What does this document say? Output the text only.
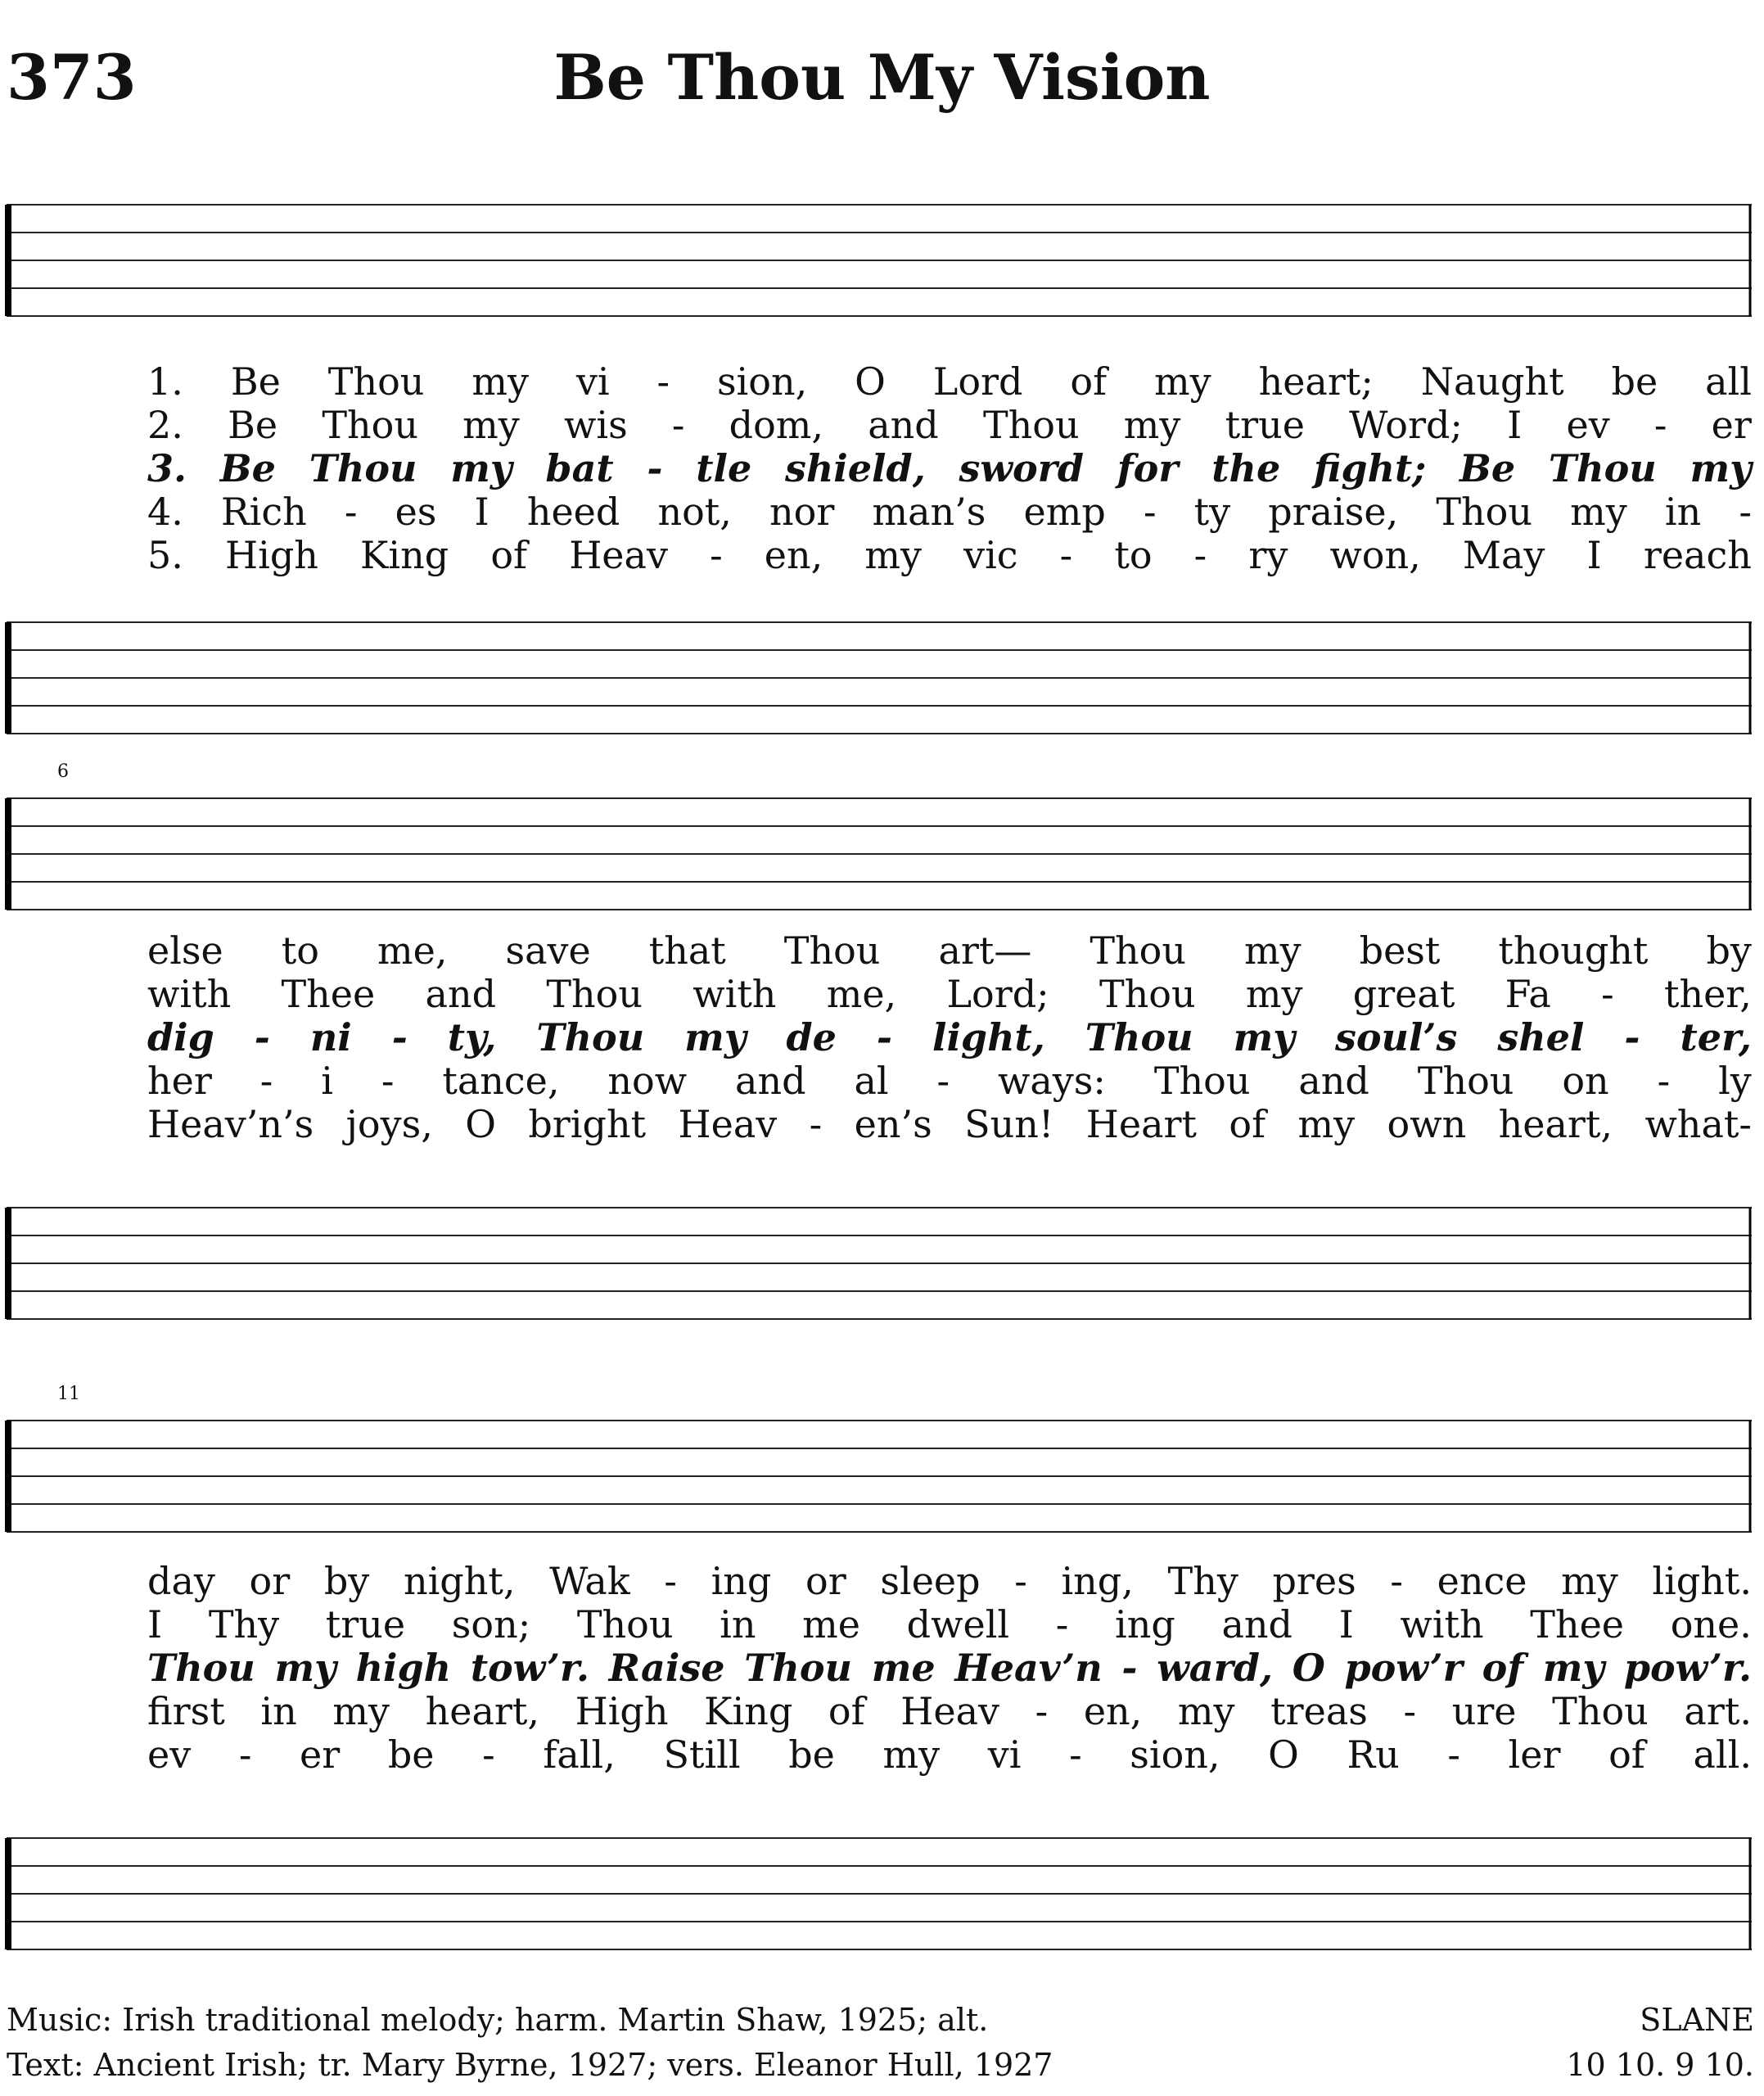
373	Be Thou My Vision
1. Be Thou my vi - sion, O Lord of my heart; Naught be all
2. Be Thou my wis - dom, and Thou my true Word; I ev - er
3. Be Thou my bat - tle shield, sword for the fight; Be Thou my
4. Rich - es I heed not, nor man’s emp - ty praise, Thou my in -
5. High King of Heav - en, my vic - to - ry won, May I reach
6
else to me, save that Thou art— Thou my best thought by
with Thee and Thou with me, Lord; Thou my great Fa - ther,
dig - ni - ty, Thou my de - light, Thou my soul’s shel - ter,
her - i - tance, now and al - ways: Thou and Thou on - ly
Heav’n’s joys, O bright Heav - en’s Sun! Heart of my own heart, what-
11
day or by night, Wak - ing or sleep - ing, Thy pres - ence my light.
I Thy true son; Thou in me dwell - ing and I with Thee one.
Thou my high tow’r. Raise Thou me Heav’n - ward, O pow’r of my pow’r.
first in my heart, High King of Heav - en, my treas - ure Thou art.
ev - er be - fall, Still be my vi - sion, O Ru - ler of all.
Music: Irish traditional melody; harm. Martin Shaw, 1925; alt.
Text: Ancient Irish; tr. Mary Byrne, 1927; vers. Eleanor Hull, 1927
SLANE
10 10. 9 10.
